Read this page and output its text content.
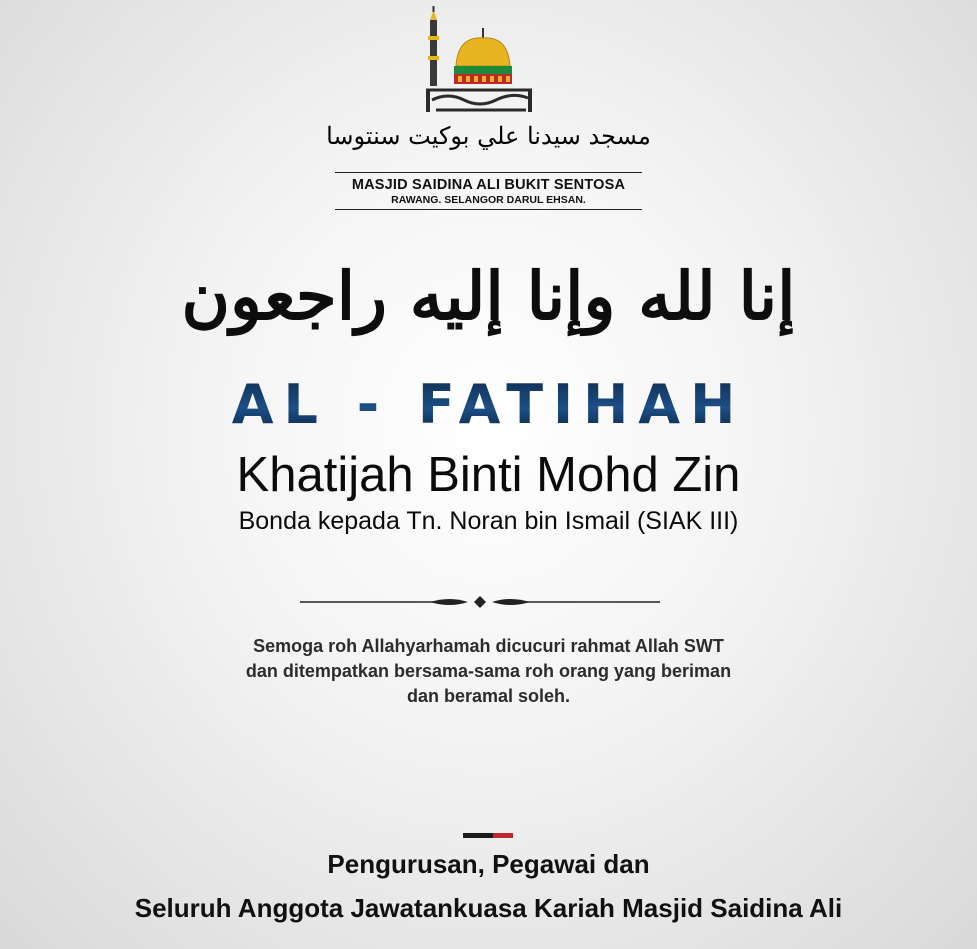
مسجد سيدنا علي بوكيت سنتوسا
MASJID SAIDINA ALI BUKIT SENTOSA
RAWANG. SELANGOR DARUL EHSAN.
إنا لله وإنا إليه راجعون
AL - FATIHAH
Khatijah Binti Mohd Zin
Bonda kepada Tn. Noran bin Ismail (SIAK III)
Semoga roh Allahyarhamah dicucuri rahmat Allah SWT
dan ditempatkan bersama-sama roh orang yang beriman
dan beramal soleh.
Pengurusan, Pegawai dan
Seluruh Anggota Jawatankuasa Kariah Masjid Saidina Ali
